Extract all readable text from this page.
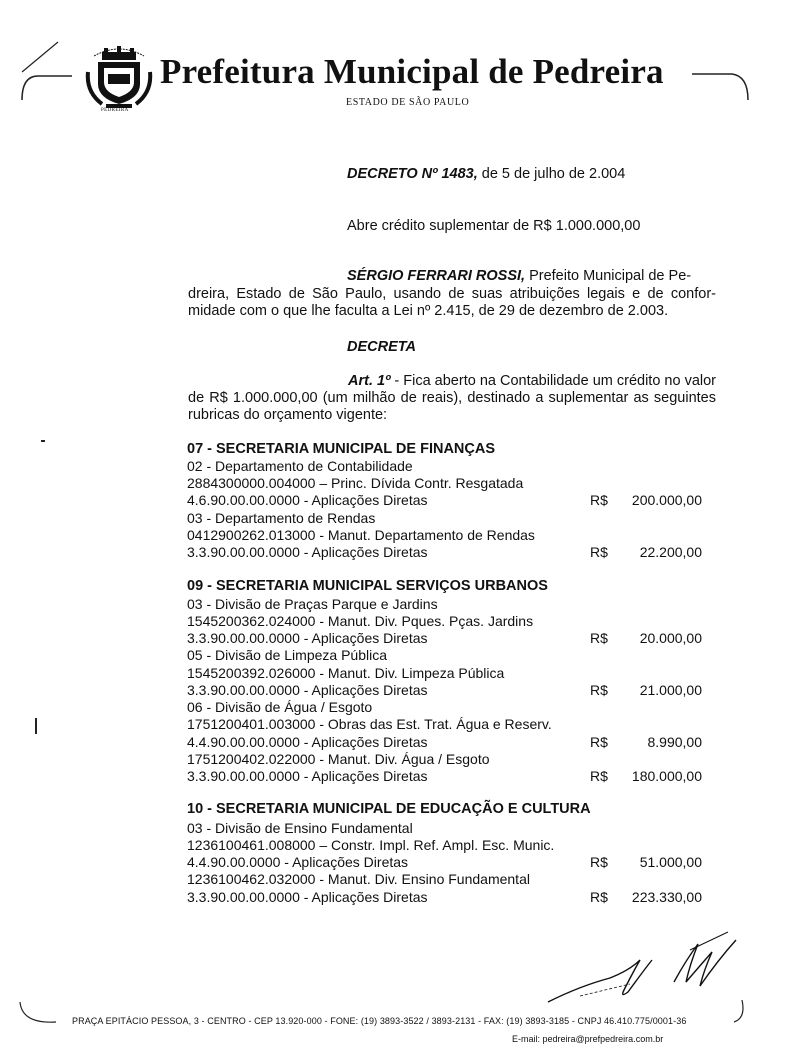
PEDREIRA
Prefeitura Municipal de Pedreira
ESTADO DE SÃO PAULO
DECRETO Nº 1483, de 5 de julho de 2.004
Abre crédito suplementar de R$ 1.000.000,00
SÉRGIO FERRARI ROSSI, Prefeito Municipal de Pe-
dreira, Estado de São Paulo, usando de suas atribuições legais e de confor-midade com o que lhe faculta a Lei nº 2.415, de 29 de dezembro de 2.003.
DECRETA
Art. 1º - Fica aberto na Contabilidade um crédito no valor de R$ 1.000.000,00 (um milhão de reais), destinado a suplementar as seguintes rubricas do orçamento vigente:
07 - SECRETARIA MUNICIPAL DE FINANÇAS
02 - Departamento de Contabilidade
2884300000.004000 – Princ. Dívida Contr. Resgatada
4.6.90.00.00.0000 - Aplicações Diretas	R$	200.000,00
03 - Departamento de Rendas
0412900262.013000 - Manut. Departamento de Rendas
3.3.90.00.00.0000 - Aplicações Diretas	R$	22.200,00
09 - SECRETARIA MUNICIPAL SERVIÇOS URBANOS
03 - Divisão de Praças Parque e Jardins
1545200362.024000 - Manut. Div. Pques. Pças. Jardins
3.3.90.00.00.0000 - Aplicações Diretas	R$	20.000,00
05 - Divisão de Limpeza Pública
1545200392.026000 - Manut. Div. Limpeza Pública
3.3.90.00.00.0000 - Aplicações Diretas	R$	21.000,00
06 - Divisão de Água / Esgoto
1751200401.003000 - Obras das Est. Trat. Água e Reserv.
4.4.90.00.00.0000 - Aplicações Diretas	R$	8.990,00
1751200402.022000 - Manut. Div. Água / Esgoto
3.3.90.00.00.0000 - Aplicações Diretas	R$	180.000,00
10 - SECRETARIA MUNICIPAL DE EDUCAÇÃO E CULTURA
03 - Divisão de Ensino Fundamental
1236100461.008000 – Constr. Impl. Ref. Ampl. Esc. Munic.
4.4.90.00.0000 - Aplicações Diretas	R$	51.000,00
1236100462.032000 - Manut. Div. Ensino Fundamental
3.3.90.00.00.0000 - Aplicações Diretas	R$	223.330,00
PRAÇA EPITÁCIO PESSOA, 3 - CENTRO - CEP 13.920-000 - FONE: (19) 3893-3522 / 3893-2131 - FAX: (19) 3893-3185 - CNPJ 46.410.775/0001-36
E-mail: pedreira@prefpedreira.com.br
